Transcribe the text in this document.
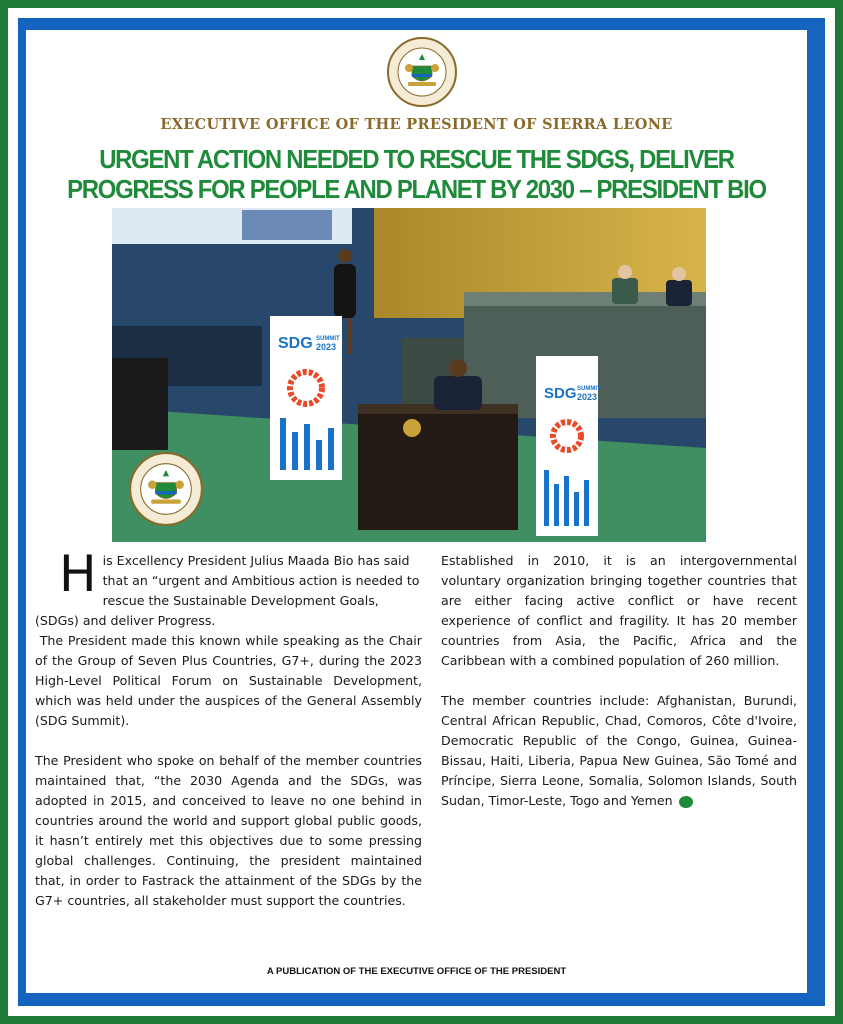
EXECUTIVE OFFICE OF THE PRESIDENT OF SIERRA LEONE
URGENT ACTION NEEDED TO RESCUE THE SDGS, DELIVER
PROGRESS FOR PEOPLE AND PLANET BY 2030 – PRESIDENT BIO
SDG SUMMIT
2023
SDG SUMMIT
2023

His Excellency President Julius Maada Bio has said that an “urgent and Ambitious action is needed to rescue the Sustainable Development Goals, (SDGs) and deliver Progress.

The President made this known while speaking as the Chair of the Group of Seven Plus Countries, G7+, during the 2023 High-Level Political Forum on Sustainable Development, which was held under the auspices of the General Assembly (SDG Summit).

The President who spoke on behalf of the member countries maintained that, “the 2030 Agenda and the SDGs, was adopted in 2015, and conceived to leave no one behind in countries around the world and support global public goods, it hasn’t entirely met this objectives due to some pressing global challenges. Continuing, the president maintained that, in order to Fastrack the attainment of the SDGs by the G7+ countries, all stakeholder must support the countries.

Established in 2010, it is an intergovernmental voluntary organization bringing together countries that are either facing active conflict or have recent experience of conflict and fragility. It has 20 member countries from Asia, the Pacific, Africa and the Caribbean with a combined population of 260 million.

The member countries include: Afghanistan, Burundi, Central African Republic, Chad, Comoros, Côte d'Ivoire, Democratic Republic of the Congo, Guinea, Guinea-Bissau, Haiti, Liberia, Papua New Guinea, São Tomé and Príncipe, Sierra Leone, Somalia, Solomon Islands, South Sudan, Timor-Leste, Togo and Yemen

A PUBLICATION OF THE EXECUTIVE OFFICE OF THE PRESIDENT
